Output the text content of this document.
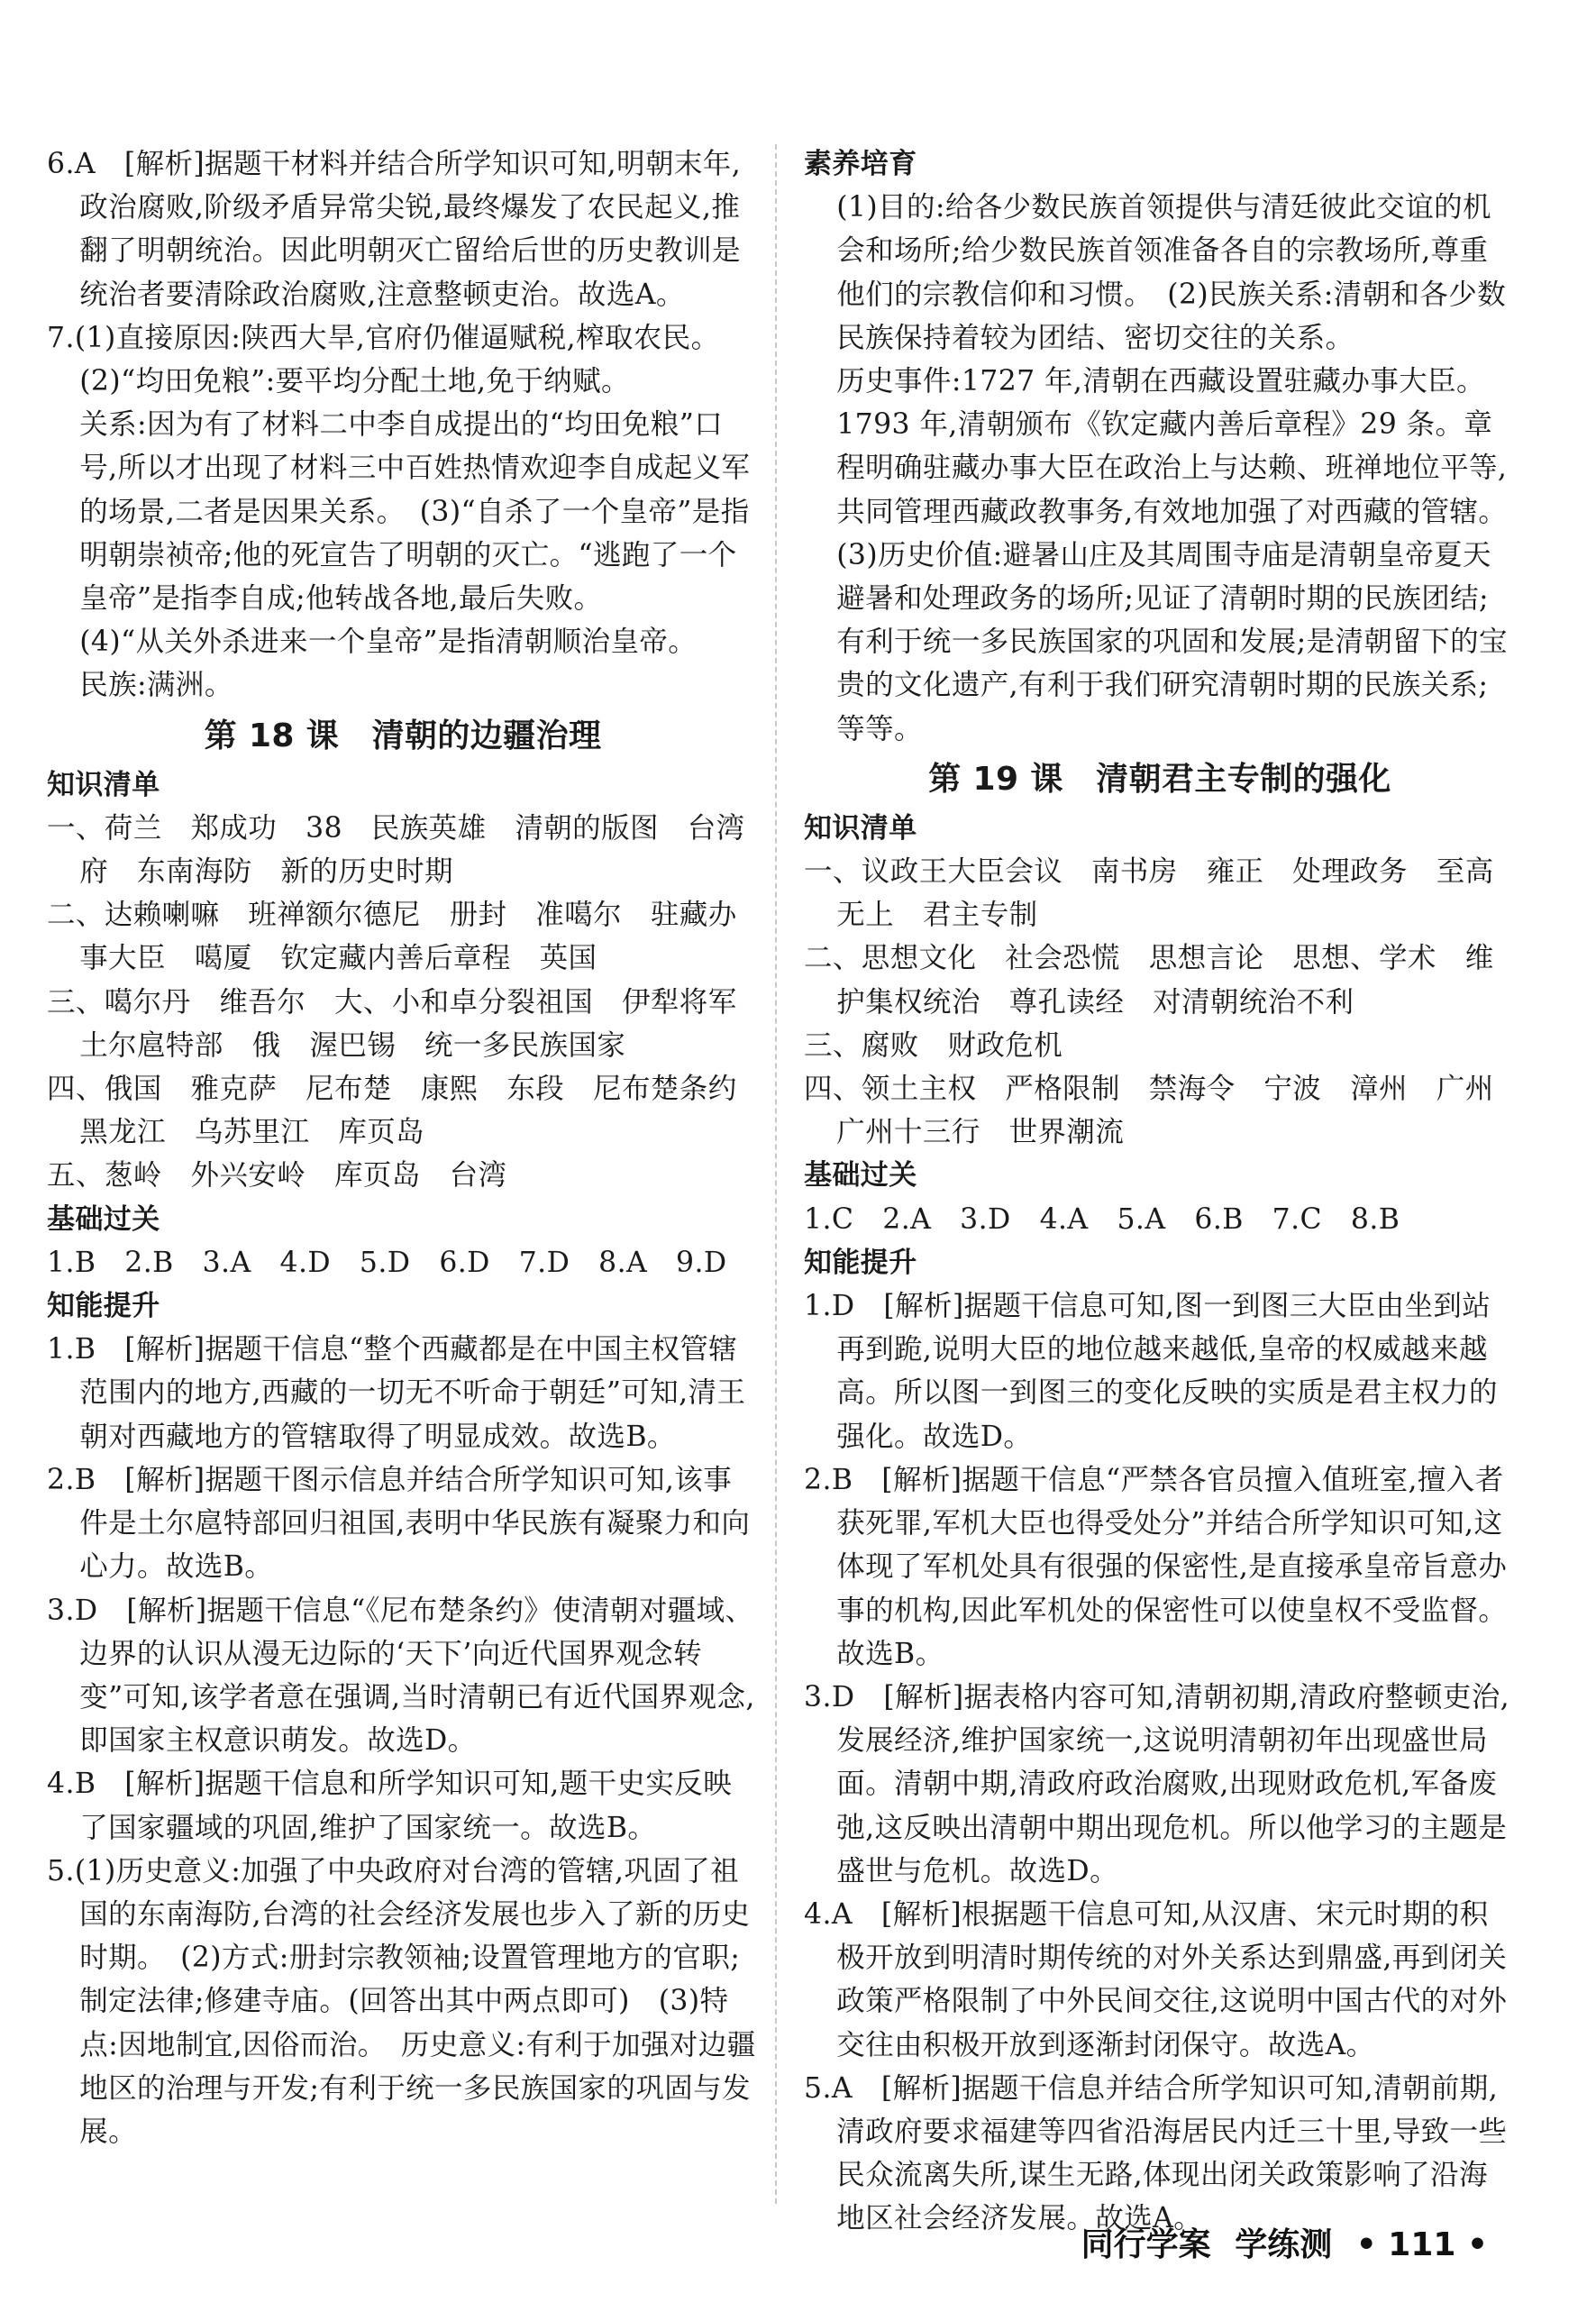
6.A　[解析]据题干材料并结合所学知识可知,明朝末年,政治腐败,阶级矛盾异常尖锐,最终爆发了农民起义,推翻了明朝统治。因此明朝灭亡留给后世的历史教训是统治者要清除政治腐败,注意整顿吏治。故选A。

7.(1)直接原因:陕西大旱,官府仍催逼赋税,榨取农民。

(2)“均田免粮”:要平均分配土地,免于纳赋。

关系:因为有了材料二中李自成提出的“均田免粮”口号,所以才出现了材料三中百姓热情欢迎李自成起义军的场景,二者是因果关系。　(3)“自杀了一个皇帝”是指明朝崇祯帝;他的死宣告了明朝的灭亡。“逃跑了一个皇帝”是指李自成;他转战各地,最后失败。

(4)“从关外杀进来一个皇帝”是指清朝顺治皇帝。

民族:满洲。

第 18 课　清朝的边疆治理

知识清单

一、荷兰　郑成功　38　民族英雄　清朝的版图　台湾府　东南海防　新的历史时期

二、达赖喇嘛　班禅额尔德尼　册封　准噶尔　驻藏办事大臣　噶厦　钦定藏内善后章程　英国

三、噶尔丹　维吾尔　大、小和卓分裂祖国　伊犁将军　土尔扈特部　俄　渥巴锡　统一多民族国家

四、俄国　雅克萨　尼布楚　康熙　东段　尼布楚条约　黑龙江　乌苏里江　库页岛

五、葱岭　外兴安岭　库页岛　台湾

基础过关

1.B　2.B　3.A　4.D　5.D　6.D　7.D　8.A　9.D

知能提升

1.B　[解析]据题干信息“整个西藏都是在中国主权管辖范围内的地方,西藏的一切无不听命于朝廷”可知,清王朝对西藏地方的管辖取得了明显成效。故选B。

2.B　[解析]据题干图示信息并结合所学知识可知,该事件是土尔扈特部回归祖国,表明中华民族有凝聚力和向心力。故选B。

3.D　[解析]据题干信息“《尼布楚条约》使清朝对疆域、边界的认识从漫无边际的‘天下’向近代国界观念转变”可知,该学者意在强调,当时清朝已有近代国界观念,即国家主权意识萌发。故选D。

4.B　[解析]据题干信息和所学知识可知,题干史实反映了国家疆域的巩固,维护了国家统一。故选B。

5.(1)历史意义:加强了中央政府对台湾的管辖,巩固了祖国的东南海防,台湾的社会经济发展也步入了新的历史时期。　(2)方式:册封宗教领袖;设置管理地方的官职;制定法律;修建寺庙。(回答出其中两点即可)　(3)特点:因地制宜,因俗而治。　历史意义:有利于加强对边疆地区的治理与开发;有利于统一多民族国家的巩固与发展。

素养培育

(1)目的:给各少数民族首领提供与清廷彼此交谊的机会和场所;给少数民族首领准备各自的宗教场所,尊重他们的宗教信仰和习惯。　(2)民族关系:清朝和各少数民族保持着较为团结、密切交往的关系。

历史事件:1727 年,清朝在西藏设置驻藏办事大臣。1793 年,清朝颁布《钦定藏内善后章程》29 条。章程明确驻藏办事大臣在政治上与达赖、班禅地位平等,共同管理西藏政教事务,有效地加强了对西藏的管辖。　(3)历史价值:避暑山庄及其周围寺庙是清朝皇帝夏天避暑和处理政务的场所;见证了清朝时期的民族团结;有利于统一多民族国家的巩固和发展;是清朝留下的宝贵的文化遗产,有利于我们研究清朝时期的民族关系;等等。

第 19 课　清朝君主专制的强化

知识清单

一、议政王大臣会议　南书房　雍正　处理政务　至高无上　君主专制

二、思想文化　社会恐慌　思想言论　思想、学术　维护集权统治　尊孔读经　对清朝统治不利

三、腐败　财政危机

四、领土主权　严格限制　禁海令　宁波　漳州　广州　广州十三行　世界潮流

基础过关

1.C　2.A　3.D　4.A　5.A　6.B　7.C　8.B

知能提升

1.D　[解析]据题干信息可知,图一到图三大臣由坐到站再到跪,说明大臣的地位越来越低,皇帝的权威越来越高。所以图一到图三的变化反映的实质是君主权力的强化。故选D。

2.B　[解析]据题干信息“严禁各官员擅入值班室,擅入者获死罪,军机大臣也得受处分”并结合所学知识可知,这体现了军机处具有很强的保密性,是直接承皇帝旨意办事的机构,因此军机处的保密性可以使皇权不受监督。故选B。

3.D　[解析]据表格内容可知,清朝初期,清政府整顿吏治,发展经济,维护国家统一,这说明清朝初年出现盛世局面。清朝中期,清政府政治腐败,出现财政危机,军备废弛,这反映出清朝中期出现危机。所以他学习的主题是盛世与危机。故选D。

4.A　[解析]根据题干信息可知,从汉唐、宋元时期的积极开放到明清时期传统的对外关系达到鼎盛,再到闭关政策严格限制了中外民间交往,这说明中国古代的对外交往由积极开放到逐渐封闭保守。故选A。

5.A　[解析]据题干信息并结合所学知识可知,清朝前期,清政府要求福建等四省沿海居民内迁三十里,导致一些民众流离失所,谋生无路,体现出闭关政策影响了沿海地区社会经济发展。故选A。

同行学案 学练测 • 111 •
